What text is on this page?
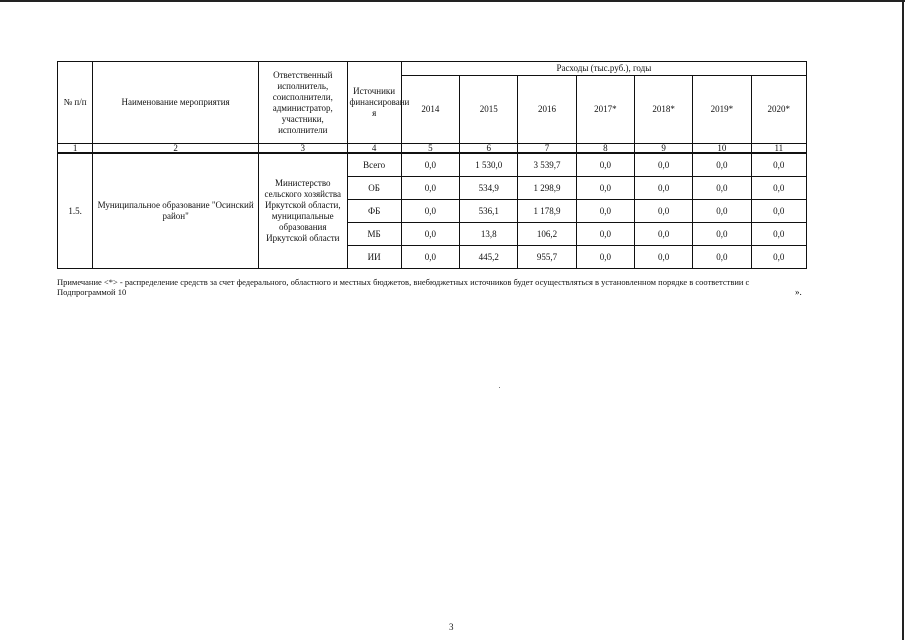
№ п/п	Наименование мероприятия	Ответственный исполнитель, соисполнители, администратор, участники, исполнители	Источники финансировани я	Расходы (тыс.руб.), годы						
				2014	2015	2016	2017*	2018*	2019*	2020*
1	2	3	4	5	6	7	8	9	10	11
1.5.	Муниципальное образование "Осинский район"	Министерство сельского хозяйства Иркутской области, муниципальные образования Иркутской области	Всего	0,0	1 530,0	3 539,7	0,0	0,0	0,0	0,0
			ОБ	0,0	534,9	1 298,9	0,0	0,0	0,0	0,0
			ФБ	0,0	536,1	1 178,9	0,0	0,0	0,0	0,0
			МБ	0,0	13,8	106,2	0,0	0,0	0,0	0,0
			ИИ	0,0	445,2	955,7	0,0	0,0	0,0	0,0
Примечание <*> - распределение средств за счет федерального, областного и местных бюджетов, внебюджетных источников будет осуществляться в установленном порядке в соответствии с Подпрограммой 10	».
3
